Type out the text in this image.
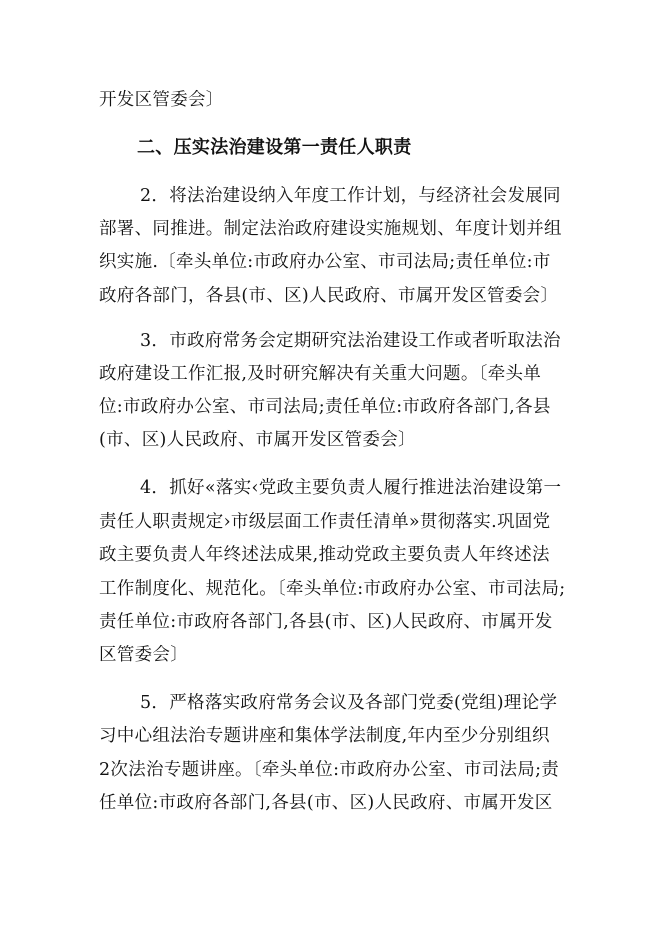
开发区管委会〕
二、压实法治建设第一责任人职责
2．将法治建设纳入年度工作计划，与经济社会发展同
部署、同推进。制定法治政府建设实施规划、年度计划并组
织实施.〔牵头单位:市政府办公室、市司法局;责任单位:市
政府各部门，各县(市、区)人民政府、市属开发区管委会〕
3．市政府常务会定期研究法治建设工作或者听取法治
政府建设工作汇报,及时研究解决有关重大问题。〔牵头单
位:市政府办公室、市司法局;责任单位:市政府各部门,各县
(市、区)人民政府、市属开发区管委会〕
4．抓好«落实‹党政主要负责人履行推进法治建设第一
责任人职责规定›市级层面工作责任清单»贯彻落实.巩固党
政主要负责人年终述法成果,推动党政主要负责人年终述法
工作制度化、规范化。〔牵头单位:市政府办公室、市司法局;
责任单位:市政府各部门,各县(市、区)人民政府、市属开发
区管委会〕
5．严格落实政府常务会议及各部门党委(党组)理论学
习中心组法治专题讲座和集体学法制度,年内至少分别组织
2次法治专题讲座。〔牵头单位:市政府办公室、市司法局;责
任单位:市政府各部门,各县(市、区)人民政府、市属开发区
